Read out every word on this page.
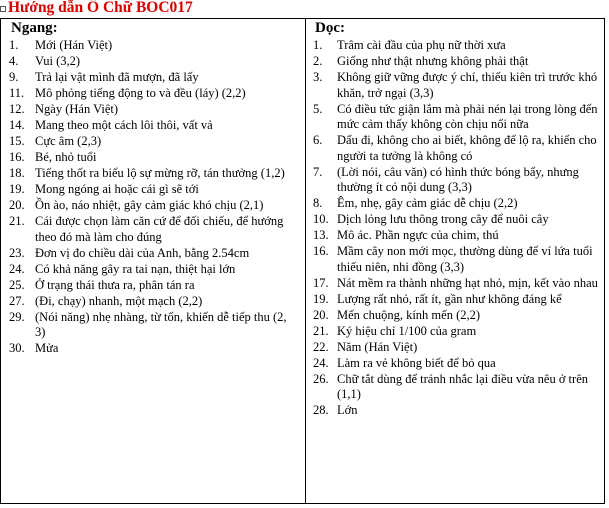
Hướng dẫn Ô Chữ BOC017
Ngang:
1.	Mới (Hán Việt)
4.	Vui (3,2)
9.	Trả lại vật mình đã mượn, đã lấy
11. Mô phỏng tiếng động to và đều (láy) (2,2)
12. Ngày (Hán Việt)
14. Mang theo một cách lôi thôi, vất vả
15. Cực âm (2,3)
16. Bé, nhỏ tuổi
18. Tiếng thốt ra biểu lộ sự mừng rỡ, tán thưởng (1,2)
19. Mong ngóng ai hoặc cái gì sẽ tới
20. Ồn ào, náo nhiệt, gây cảm giác khó chịu (2,1)
21. Cái được chọn làm căn cứ để đối chiếu, để hướng theo đó mà làm cho đúng
23. Đơn vị đo chiều dài của Anh, bằng 2.54cm
24. Có khả năng gây ra tai nạn, thiệt hại lớn
25. Ở trạng thái thưa ra, phân tán ra
27. (Đi, chạy) nhanh, một mạch (2,2)
29. (Nói năng) nhẹ nhàng, từ tốn, khiến dễ tiếp thu (2, 3)
30. Mửa
Dọc:
1.	Trâm cài đầu của phụ nữ thời xưa
2.	Giống như thật nhưng không phải thật
3.	Không giữ vững được ý chí, thiếu kiên trì trước khó khăn, trở ngại (3,3)
5.	Có điều tức giận lắm mà phải nén lại trong lòng đến mức cảm thấy không còn chịu nổi nữa
6.	Dấu đi, không cho ai biết, không để lộ ra, khiến cho người ta tưởng là không có
7.	(Lời nói, câu văn) có hình thức bóng bẩy, nhưng thường ít có nội dung (3,3)
8.	Êm, nhẹ, gây cảm giác dễ chịu (2,2)
10. Dịch lỏng lưu thông trong cây để nuôi cây
13. Mô ác. Phần ngực của chim, thú
16. Mầm cây non mới mọc, thường dùng để ví lứa tuổi thiếu niên, nhi đồng (3,3)
17. Nát mềm ra thành những hạt nhỏ, mịn, kết vào nhau
19. Lượng rất nhỏ, rất ít, gần như không đáng kể
20. Mến chuộng, kính mến (2,2)
21. Ký hiệu chỉ 1/100 của gram
22. Năm (Hán Việt)
24. Làm ra vẻ không biết để bỏ qua
26. Chữ tắt dùng để tránh nhắc lại điều vừa nêu ở trên (1,1)
28. Lớn
